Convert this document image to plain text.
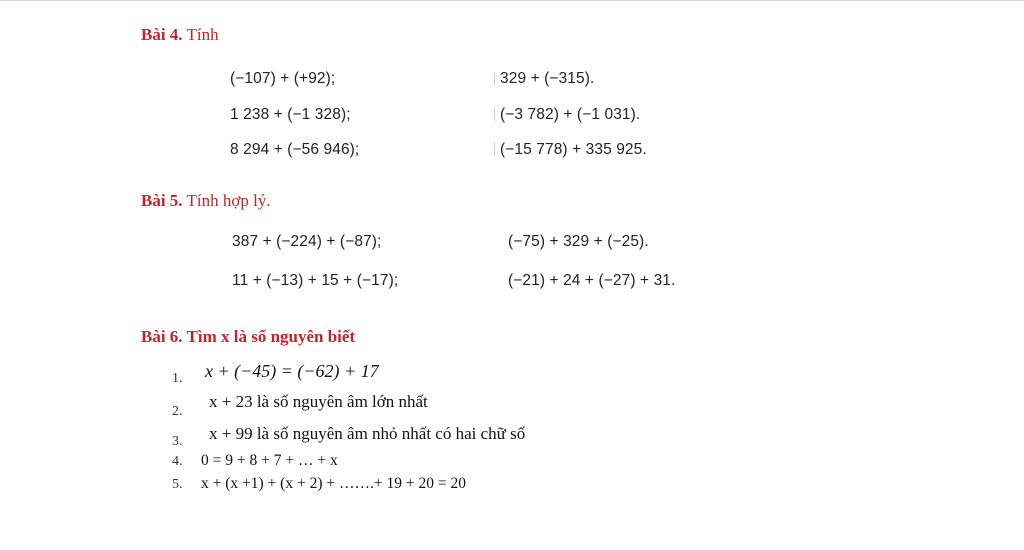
Bài 4. Tính
(−107) + (+92);
1 238 + (−1 328);
8 294 + (−56 946);
329 + (−315).
(−3 782) + (−1 031).
(−15 778) + 335 925.
Bài 5. Tính hợp lý.
387 + (−224) + (−87);
11 + (−13) + 15 + (−17);
(−75) + 329 + (−25).
(−21) + 24 + (−27) + 31.
Bài 6. Tìm x là số nguyên biết
1. x + (−45) = (−62) + 17
2.
x + 23 là số nguyên âm lớn nhất
3. x + 99 là số nguyên âm nhỏ nhất có hai chữ số
4. 0 = 9 + 8 + 7 + … + x
5. x + (x +1) + (x + 2) + …….+ 19 + 20 = 20
